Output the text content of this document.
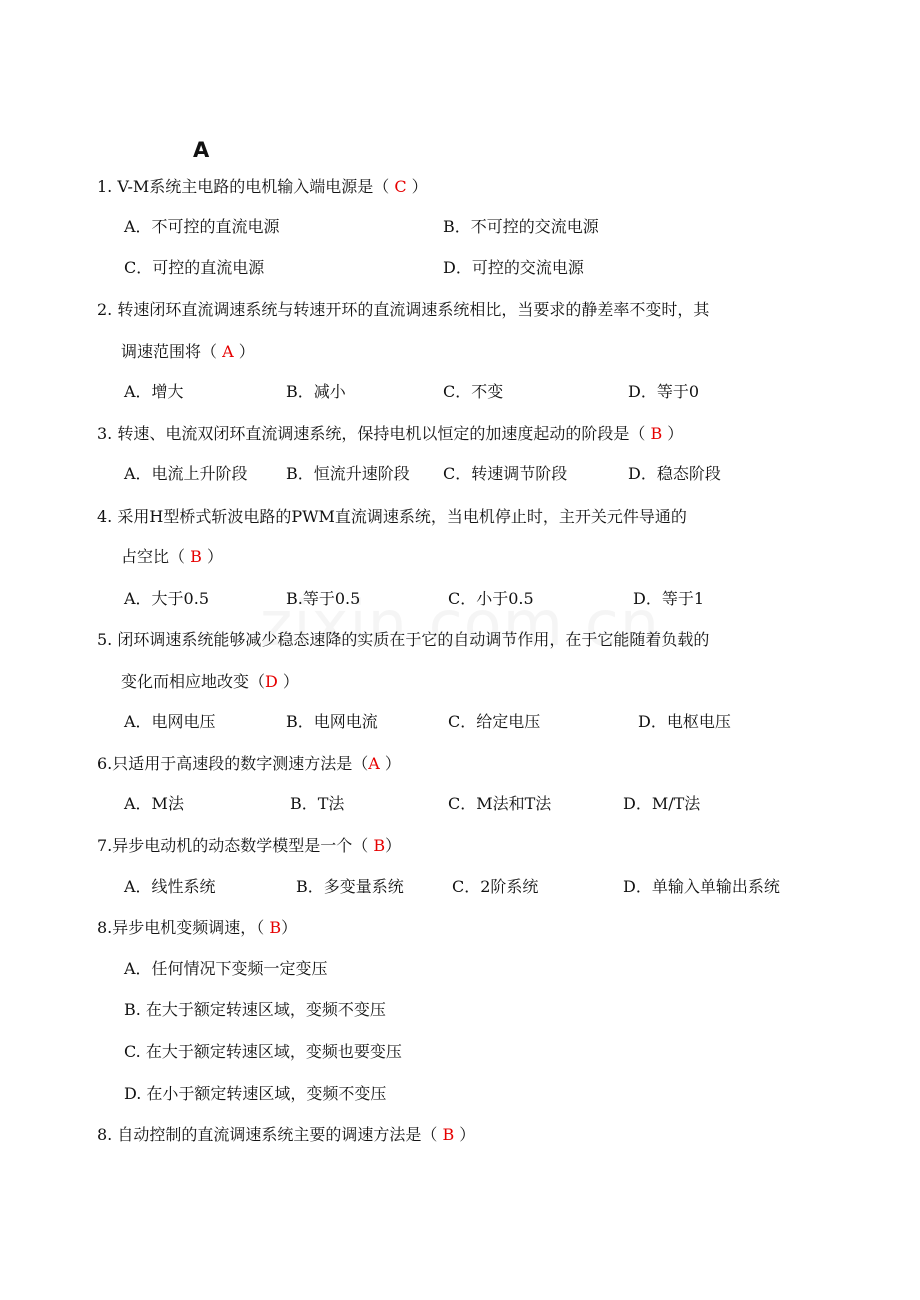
A
1. V-M系统主电路的电机输入端电源是（ C ）
A．不可控的直流电源	B．不可控的交流电源
C．可控的直流电源	D．可控的交流电源
2. 转速闭环直流调速系统与转速开环的直流调速系统相比，当要求的静差率不变时，其
调速范围将（ A ）
A．增大	B．减小	C．不变	D．等于0
3. 转速、电流双闭环直流调速系统，保持电机以恒定的加速度起动的阶段是（ B ）
A．电流上升阶段 B．恒流升速阶段 C．转速调节阶段	D．稳态阶段
4. 采用H型桥式斩波电路的PWM直流调速系统，当电机停止时，主开关元件导通的
占空比（ B ）
A．大于0.5	B.等于0.5	C．小于0.5	D．等于1
5. 闭环调速系统能够减少稳态速降的实质在于它的自动调节作用，在于它能随着负载的
变化而相应地改变（D ）
A．电网电压	B．电网电流	C．给定电压	D．电枢电压
6.只适用于高速段的数字测速方法是（A ）
A．M法	B．T法	C．M法和T法	D．M/T法
7.异步电动机的动态数学模型是一个（ B）
A．线性系统	B．多变量系统	C．2阶系统	D．单输入单输出系统
8.异步电机变频调速，（ B）
A．任何情况下变频一定变压
B. 在大于额定转速区域，变频不变压
C. 在大于额定转速区域，变频也要变压
D. 在小于额定转速区域，变频不变压
8. 自动控制的直流调速系统主要的调速方法是（ B ）
